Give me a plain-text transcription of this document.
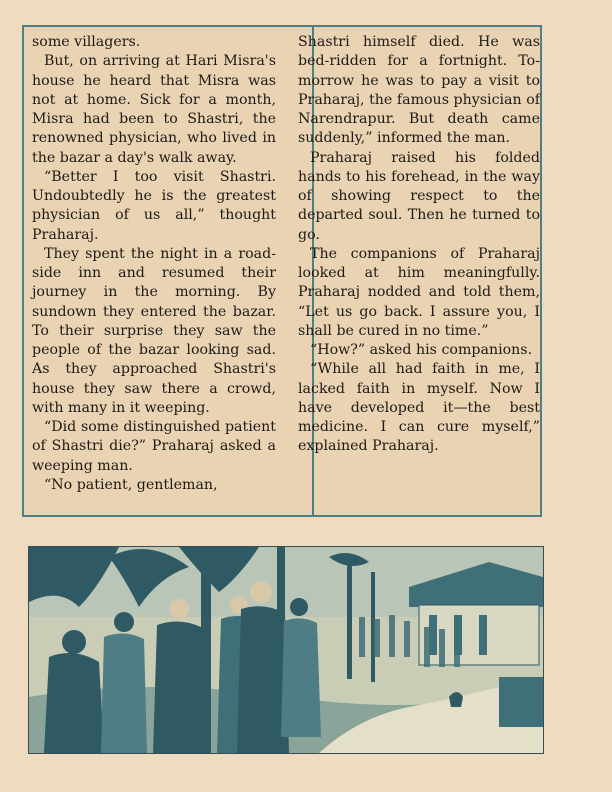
some villagers.

But, on arriving at Hari Misra's house he heard that Misra was not at home. Sick for a month, Misra had been to Shastri, the renowned physician, who lived in the bazar a day's walk away.

“Better I too visit Shastri. Undoubtedly he is the greatest physician of us all,” thought Praharaj.

They spent the night in a road-side inn and resumed their journey in the morning. By sundown they entered the bazar. To their surprise they saw the people of the bazar looking sad. As they approached Shastri's house they saw there a crowd, with many in it weeping.

“Did some distinguished patient of Shastri die?” Praharaj asked a weeping man.

“No patient, gentleman,

Shastri himself died. He was bed-ridden for a fortnight. To-morrow he was to pay a visit to Praharaj, the famous physician of Narendrapur. But death came suddenly,” informed the man.

Praharaj raised his folded hands to his forehead, in the way of showing respect to the departed soul. Then he turned to go.

The companions of Praharaj looked at him meaningfully. Praharaj nodded and told them, “Let us go back. I assure you, I shall be cured in no time.”

“How?” asked his companions.

“While all had faith in me, I lacked faith in myself. Now I have developed it—the best medicine. I can cure myself,” explained Praharaj.
